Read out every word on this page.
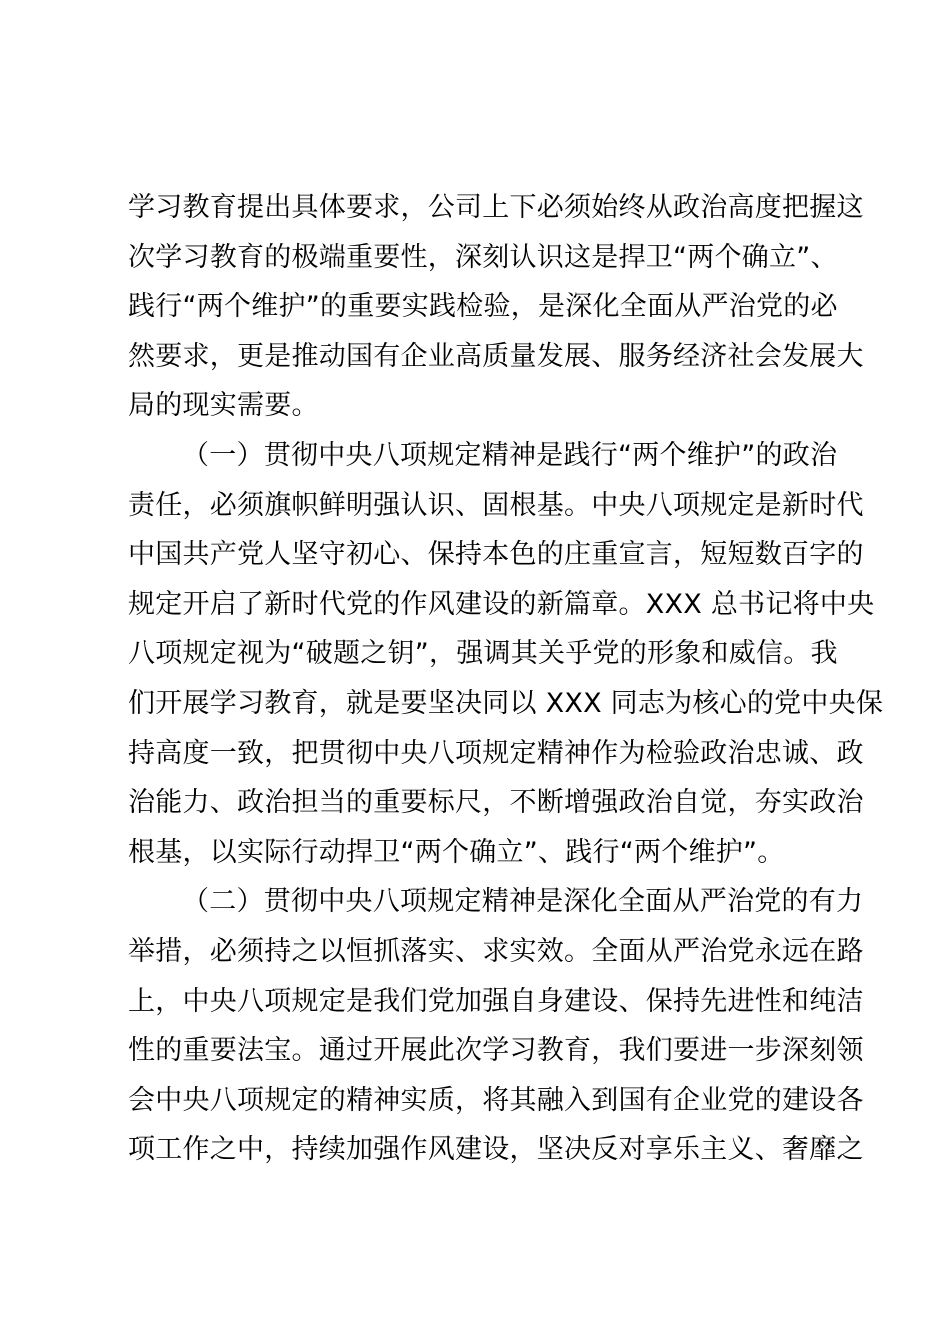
学习教育提出具体要求，公司上下必须始终从政治高度把握这
次学习教育的极端重要性，深刻认识这是捍卫“两个确立”、
践行“两个维护”的重要实践检验，是深化全面从严治党的必
然要求，更是推动国有企业高质量发展、服务经济社会发展大
局的现实需要。
（一）贯彻中央八项规定精神是践行“两个维护”的政治
责任，必须旗帜鲜明强认识、固根基。中央八项规定是新时代
中国共产党人坚守初心、保持本色的庄重宣言，短短数百字的
规定开启了新时代党的作风建设的新篇章。XXX 总书记将中央
八项规定视为“破题之钥”，强调其关乎党的形象和威信。我
们开展学习教育，就是要坚决同以 XXX 同志为核心的党中央保
持高度一致，把贯彻中央八项规定精神作为检验政治忠诚、政
治能力、政治担当的重要标尺，不断增强政治自觉，夯实政治
根基，以实际行动捍卫“两个确立”、践行“两个维护”。
（二）贯彻中央八项规定精神是深化全面从严治党的有力
举措，必须持之以恒抓落实、求实效。全面从严治党永远在路
上，中央八项规定是我们党加强自身建设、保持先进性和纯洁
性的重要法宝。通过开展此次学习教育，我们要进一步深刻领
会中央八项规定的精神实质，将其融入到国有企业党的建设各
项工作之中，持续加强作风建设，坚决反对享乐主义、奢靡之
